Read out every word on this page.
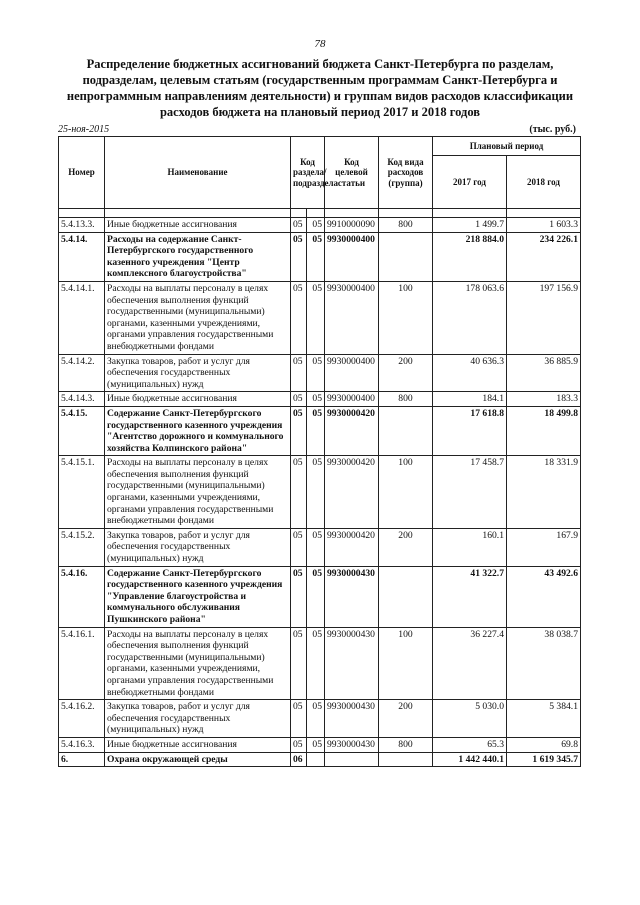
78
Распределение бюджетных ассигнований бюджета Санкт-Петербурга по разделам, подразделам, целевым статьям (государственным программам Санкт-Петербурга и непрограммным направлениям деятельности) и группам видов расходов классификации расходов бюджета на плановый период 2017 и 2018 годов
25-ноя-2015	(тыс. руб.)
Номер	Наименование	Код раздела/ подраздела		Код целевой статьи	Код вида расходов (группа)	Плановый период	
						2017 год	2018 год

5.4.13.3.	Иные бюджетные ассигнования	05	05	9910000090	800	1 499.7	1 603.3
5.4.14.	Расходы на содержание Санкт-Петербургского государственного казенного учреждения "Центр комплексного благоустройства"	05	05	9930000400		218 884.0	234 226.1
5.4.14.1.	Расходы на выплаты персоналу в целях обеспечения выполнения функций государственными (муниципальными) органами, казенными учреждениями, органами управления государственными внебюджетными фондами	05	05	9930000400	100	178 063.6	197 156.9
5.4.14.2.	Закупка товаров, работ и услуг для обеспечения государственных (муниципальных) нужд	05	05	9930000400	200	40 636.3	36 885.9
5.4.14.3.	Иные бюджетные ассигнования	05	05	9930000400	800	184.1	183.3
5.4.15.	Содержание Санкт-Петербургского государственного казенного учреждения "Агентство дорожного и коммунального хозяйства Колпинского района"	05	05	9930000420		17 618.8	18 499.8
5.4.15.1.	Расходы на выплаты персоналу в целях обеспечения выполнения функций государственными (муниципальными) органами, казенными учреждениями, органами управления государственными внебюджетными фондами	05	05	9930000420	100	17 458.7	18 331.9
5.4.15.2.	Закупка товаров, работ и услуг для обеспечения государственных (муниципальных) нужд	05	05	9930000420	200	160.1	167.9
5.4.16.	Содержание Санкт-Петербургского государственного казенного учреждения "Управление благоустройства и коммунального обслуживания Пушкинского района"	05	05	9930000430		41 322.7	43 492.6
5.4.16.1.	Расходы на выплаты персоналу в целях обеспечения выполнения функций государственными (муниципальными) органами, казенными учреждениями, органами управления государственными внебюджетными фондами	05	05	9930000430	100	36 227.4	38 038.7
5.4.16.2.	Закупка товаров, работ и услуг для обеспечения государственных (муниципальных) нужд	05	05	9930000430	200	5 030.0	5 384.1
5.4.16.3.	Иные бюджетные ассигнования	05	05	9930000430	800	65.3	69.8
6.	Охрана окружающей среды	06				1 442 440.1	1 619 345.7
